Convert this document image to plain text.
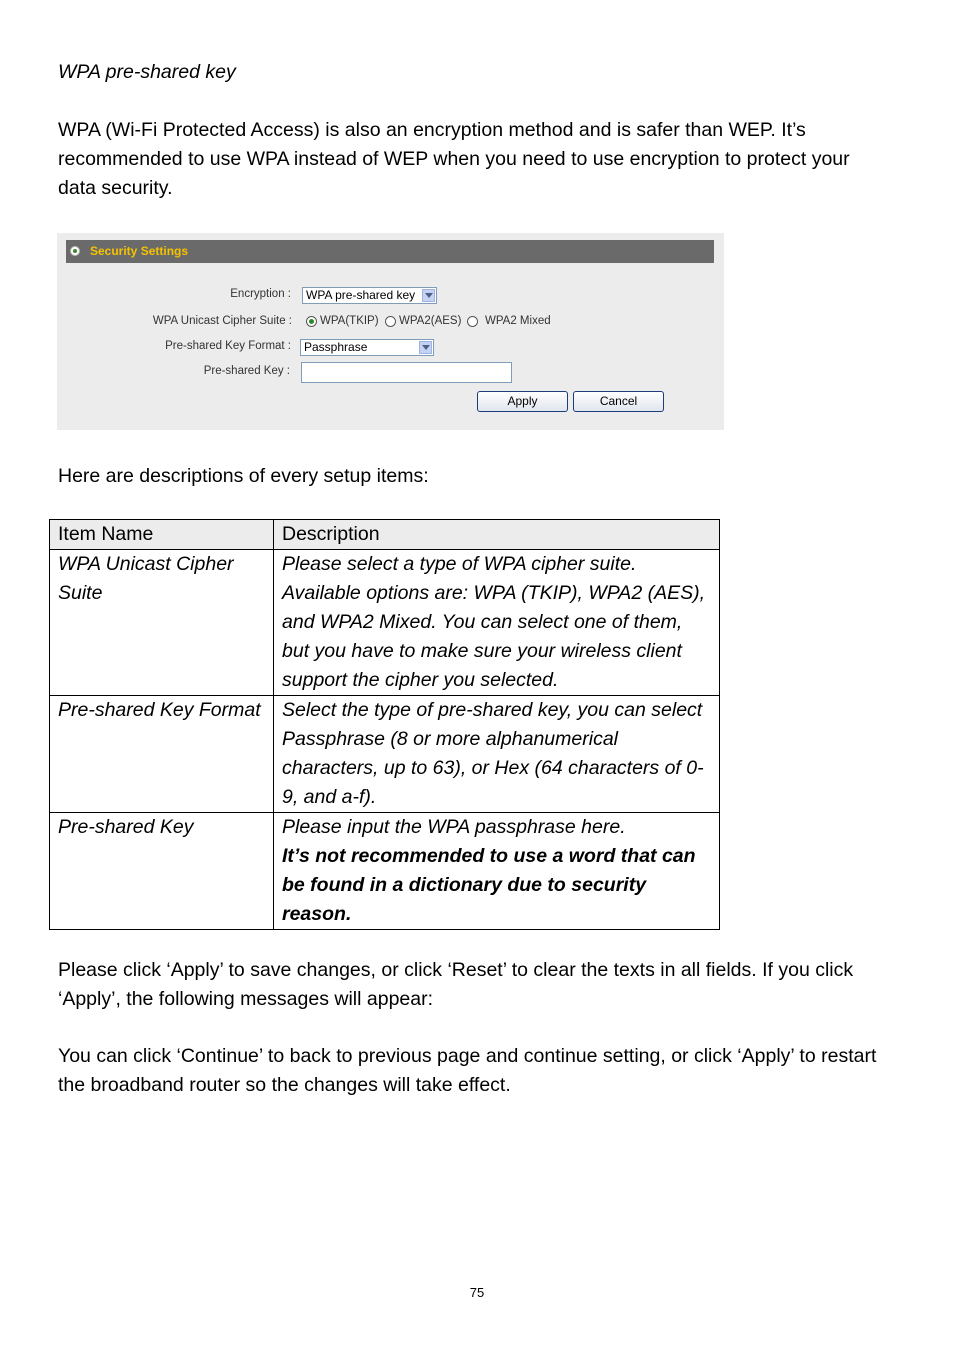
WPA pre-shared key
WPA (Wi-Fi Protected Access) is also an encryption method and is safer than WEP. It’s recommended to use WPA instead of WEP when you need to use encryption to protect your data security.
Security Settings
Encryption :	WPA pre-shared key
WPA Unicast Cipher Suite : WPA(TKIP) WPA2(AES) WPA2 Mixed
Pre-shared Key Format :	Passphrase
Pre-shared Key :
Apply	Cancel
Here are descriptions of every setup items:
Item Name	Description
WPA Unicast Cipher Suite	Please select a type of WPA cipher suite. Available options are: WPA (TKIP), WPA2 (AES), and WPA2 Mixed. You can select one of them, but you have to make sure your wireless client support the cipher you selected.
Pre-shared Key Format	Select the type of pre-shared key, you can select Passphrase (8 or more alphanumerical characters, up to 63), or Hex (64 characters of 0-9, and a-f).
Pre-shared Key	Please input the WPA passphrase here.
It’s not recommended to use a word that can be found in a dictionary due to security reason.
Please click ‘Apply’ to save changes, or click ‘Reset’ to clear the texts in all fields. If you click ‘Apply’, the following messages will appear:
You can click ‘Continue’ to back to previous page and continue setting, or click ‘Apply’ to restart the broadband router so the changes will take effect.
75
